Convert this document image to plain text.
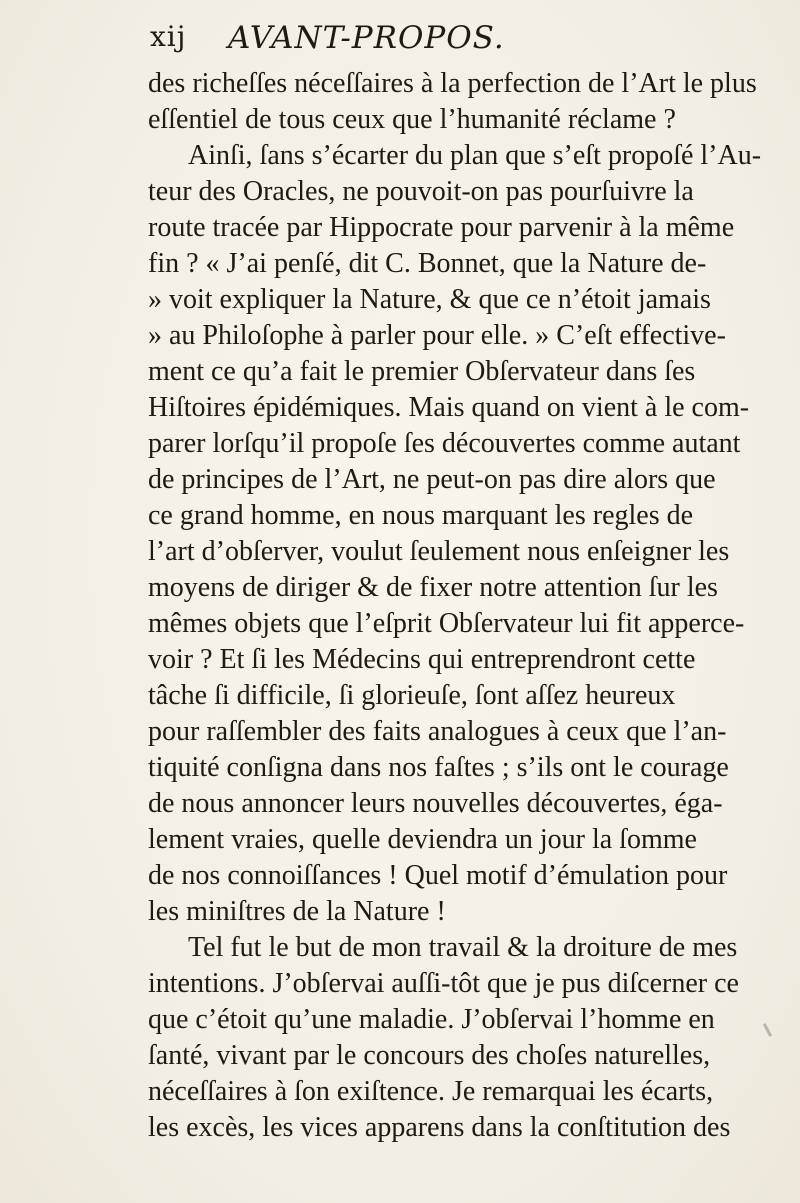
xij AVANT-PROPOS.
des richeſſes néceſſaires à la perfection de l’Art le plus
eſſentiel de tous ceux que l’humanité réclame ?
Ainſi, ſans s’écarter du plan que s’eſt propoſé l’Au-
teur des Oracles, ne pouvoit-on pas pourſuivre la
route tracée par Hippocrate pour parvenir à la même
fin ? « J’ai penſé, dit C. Bonnet, que la Nature de-
» voit expliquer la Nature, & que ce n’étoit jamais
» au Philoſophe à parler pour elle. » C’eſt effective-
ment ce qu’a fait le premier Obſervateur dans ſes
Hiſtoires épidémiques. Mais quand on vient à le com-
parer lorſqu’il propoſe ſes découvertes comme autant
de principes de l’Art, ne peut-on pas dire alors que
ce grand homme, en nous marquant les regles de
l’art d’obſerver, voulut ſeulement nous enſeigner les
moyens de diriger & de fixer notre attention ſur les
mêmes objets que l’eſprit Obſervateur lui fit apperce-
voir ? Et ſi les Médecins qui entreprendront cette
tâche ſi difficile, ſi glorieuſe, ſont aſſez heureux
pour raſſembler des faits analogues à ceux que l’an-
tiquité conſigna dans nos faſtes ; s’ils ont le courage
de nous annoncer leurs nouvelles découvertes, éga-
lement vraies, quelle deviendra un jour la ſomme
de nos connoiſſances ! Quel motif d’émulation pour
les miniſtres de la Nature !
Tel fut le but de mon travail & la droiture de mes
intentions. J’obſervai auſſi-tôt que je pus diſcerner ce
que c’étoit qu’une maladie. J’obſervai l’homme en
ſanté, vivant par le concours des choſes naturelles,
néceſſaires à ſon exiſtence. Je remarquai les écarts,
les excès, les vices apparens dans la conſtitution des
